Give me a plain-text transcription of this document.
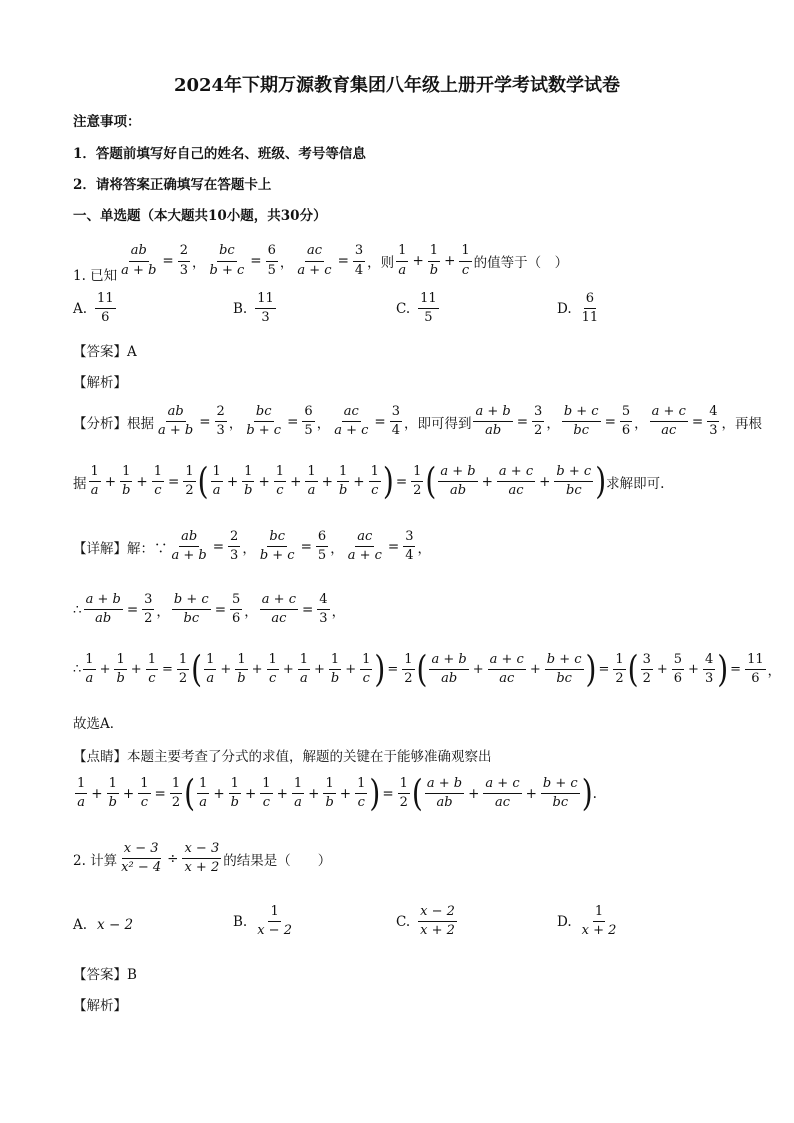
2024年下期万源教育集团八年级上册开学考试数学试卷
注意事项：
1．答题前填写好自己的姓名、班级、考号等信息
2．请将答案正确填写在答题卡上
一、单选题（本大题共10小题，共30分）
1. 已知 $\frac{ab}{a + b} = \frac{2}{3}$ ， $\frac{bc}{b + c} = \frac{6}{5}$ ， $\frac{ac}{a + c} = \frac{3}{4}$ ，则 $\frac{1}{a} + \frac{1}{b} + \frac{1}{c}$ 的值等于（　）
A. $\frac{11}{6}$	B. $\frac{11}{3}$	C. $\frac{11}{5}$	D. $\frac{6}{11}$
【答案】A
【解析】
【分析】 根据 $\frac{ab}{a + b} = \frac{2}{3}$ ， $\frac{bc}{b + c} = \frac{6}{5}$ ， $\frac{ac}{a + c} = \frac{3}{4}$ ，即可得到 $\frac{a + b}{ab} = \frac{3}{2}$ ， $\frac{b + c}{bc} = \frac{5}{6}$ ， $\frac{a + c}{ac} = \frac{4}{3}$ ，再根
据 $\frac{1}{a} + \frac{1}{b} + \frac{1}{c} = \frac{1}{2}$ ( $\frac{1}{a} + \frac{1}{b} + \frac{1}{c} + \frac{1}{a} + \frac{1}{b} + \frac{1}{c}$ ) = $\frac{1}{2}$ ( $\frac{a + b}{ab} + \frac{a + c}{ac} + \frac{b + c}{bc}$ ) 求解即可.
【详解】 解：∵ $\frac{ab}{a + b} = \frac{2}{3}$ ， $\frac{bc}{b + c} = \frac{6}{5}$ ， $\frac{ac}{a + c} = \frac{3}{4}$ ，
∴ $\frac{a + b}{ab} = \frac{3}{2}$ ， $\frac{b + c}{bc} = \frac{5}{6}$ ， $\frac{a + c}{ac} = \frac{4}{3}$ ，
∴ $\frac{1}{a} + \frac{1}{b} + \frac{1}{c} = \frac{1}{2}$ ( $\frac{1}{a} + \frac{1}{b} + \frac{1}{c} + \frac{1}{a} + \frac{1}{b} + \frac{1}{c}$ ) = $\frac{1}{2}$ ( $\frac{a + b}{ab} + \frac{a + c}{ac} + \frac{b + c}{bc}$ ) = $\frac{1}{2}$ ( $\frac{3}{2} + \frac{5}{6} + \frac{4}{3}$ ) = $\frac{11}{6}$ ，
故选A．
【点睛】本题主要考查了分式的求值，解题的关键在于能够准确观察出
$\frac{1}{a} + \frac{1}{b} + \frac{1}{c} = \frac{1}{2}$ ( $\frac{1}{a} + \frac{1}{b} + \frac{1}{c} + \frac{1}{a} + \frac{1}{b} + \frac{1}{c}$ ) = $\frac{1}{2}$ ( $\frac{a + b}{ab} + \frac{a + c}{ac} + \frac{b + c}{bc}$ ) .
2. 计算 $\frac{x - 3}{\text{x² − 4}} \div \frac{x - 3}{x + 2}$ 的结果是（　　）
A. x − 2	B. $\frac{1}{x - 2}$	C. $\frac{x - 2}{x + 2}$	D. $\frac{1}{x + 2}$
【答案】B
【解析】
